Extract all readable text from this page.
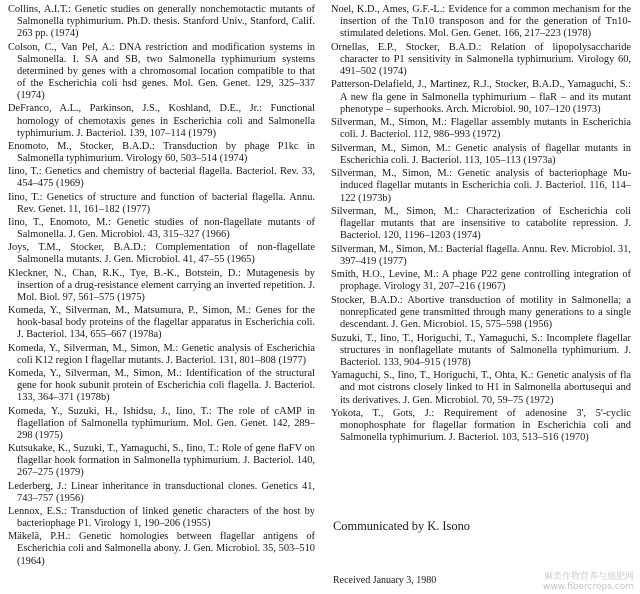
Collins, A.I.T.: Genetic studies on generally nonchemotactic mutants of Salmonella typhimurium. Ph.D. thesis. Stanford Univ., Stanford, Calif. 263 pp. (1974)

Colson, C., Van Pel, A.: DNA restriction and modification systems in Salmonella. I. SA and SB, two Salmonella typhimurium systems determined by genes with a chromosomal location compatible to that of the Escherichia coli hsd genes. Mol. Gen. Genet. 129, 325–337 (1974)

DeFranco, A.L., Parkinson, J.S., Koshland, D.E., Jr.: Functional homology of chemotaxis genes in Escherichia coli and Salmonella typhimurium. J. Bacteriol. 139, 107–114 (1979)

Enomoto, M., Stocker, B.A.D.: Transduction by phage P1kc in Salmonella typhimurium. Virology 60, 503–514 (1974)

Iino, T.: Genetics and chemistry of bacterial flagella. Bacteriol. Rev. 33, 454–475 (1969)

Iino, T.: Genetics of structure and function of bacterial flagella. Annu. Rev. Genet. 11, 161–182 (1977)

Iino, T., Enomoto, M.: Genetic studies of non-flagellate mutants of Salmonella. J. Gen. Microbiol. 43, 315–327 (1966)

Joys, T.M., Stocker, B.A.D.: Complementation of non-flagellate Salmonella mutants. J. Gen. Microbiol. 41, 47–55 (1965)

Kleckner, N., Chan, R.K., Tye, B.-K., Botstein, D.: Mutagenesis by insertion of a drug-resistance element carrying an inverted repetition. J. Mol. Biol. 97, 561–575 (1975)

Komeda, Y., Silverman, M., Matsumura, P., Simon, M.: Genes for the hook-basal body proteins of the flagellar apparatus in Escherichia coli. J. Bacteriol. 134, 655–667 (1978a)

Komeda, Y., Silverman, M., Simon, M.: Genetic analysis of Escherichia coli K12 region I flagellar mutants. J. Bacteriol. 131, 801–808 (1977)

Komeda, Y., Silverman, M., Simon, M.: Identification of the structural gene for hook subunit protein of Escherichia coli flagella. J. Bacteriol. 133, 364–371 (1978b)

Komeda, Y., Suzuki, H., Ishidsu, J., Iino, T.: The role of cAMP in flagellation of Salmonella typhimurium. Mol. Gen. Genet. 142, 289–298 (1975)

Kutsukake, K., Suzuki, T., Yamaguchi, S., Iino, T.: Role of gene flaFV on flagellar hook formation in Salmonella typhimurium. J. Bacteriol. 140, 267–275 (1979)

Lederberg, J.: Linear inheritance in transductional clones. Genetics 41, 743–757 (1956)

Lennox, E.S.: Transduction of linked genetic characters of the host by bacteriophage P1. Virology 1, 190–206 (1955)

Mäkelä, P.H.: Genetic homologies between flagellar antigens of Escherichia coli and Salmonella abony. J. Gen. Microbiol. 35, 503–510 (1964)

Noel, K.D., Ames, G.F.-L.: Evidence for a common mechanism for the insertion of the Tn10 transposon and for the generation of Tn10-stimulated deletions. Mol. Gen. Genet. 166, 217–223 (1978)

Ornellas, E.P., Stocker, B.A.D.: Relation of lipopolysaccharide character to P1 sensitivity in Salmonella typhimurium. Virology 60, 491–502 (1974)

Patterson-Delafield, J., Martinez, R.J., Stocker, B.A.D., Yamaguchi, S.: A new fla gene in Salmonella typhimurium – flaR – and its mutant phenotype – superhooks. Arch. Microbiol. 90, 107–120 (1973)

Silverman, M., Simon, M.: Flagellar assembly mutants in Escherichia coli. J. Bacteriol. 112, 986–993 (1972)

Silverman, M., Simon, M.: Genetic analysis of flagellar mutants in Escherichia coli. J. Bacteriol. 113, 105–113 (1973a)

Silverman, M., Simon, M.: Genetic analysis of bacteriophage Mu-induced flagellar mutants in Escherichia coli. J. Bacteriol. 116, 114–122 (1973b)

Silverman, M., Simon, M.: Characterization of Escherichia coli flagellar mutants that are insensitive to catabolite repression. J. Bacteriol. 120, 1196–1203 (1974)

Silverman, M., Simon, M.: Bacterial flagella. Annu. Rev. Microbiol. 31, 397–419 (1977)

Smith, H.O., Levine, M.: A phage P22 gene controlling integration of prophage. Virology 31, 207–216 (1967)

Stocker, B.A.D.: Abortive transduction of motility in Salmonella; a nonreplicated gene transmitted through many generations to a single descendant. J. Gen. Microbiol. 15, 575–598 (1956)

Suzuki, T., Iino, T., Horiguchi, T., Yamaguchi, S.: Incomplete flagellar structures in nonflagellate mutants of Salmonella typhimurium. J. Bacteriol. 133, 904–915 (1978)

Yamaguchi, S., Iino, T., Horiguchi, T., Ohta, K.: Genetic analysis of fla and mot cistrons closely linked to H1 in Salmonella abortusequi and its derivatives. J. Gen. Microbiol. 70, 59–75 (1972)

Yokota, T., Gots, J.: Requirement of adenosine 3', 5'-cyclic monophosphate for flagellar formation in Escherichia coli and Salmonella typhimurium. J. Bacteriol. 103, 513–516 (1970)

Communicated by K. Isono
Received January 3, 1980	麻类作物营养与施肥网
www.fibercrops.com
